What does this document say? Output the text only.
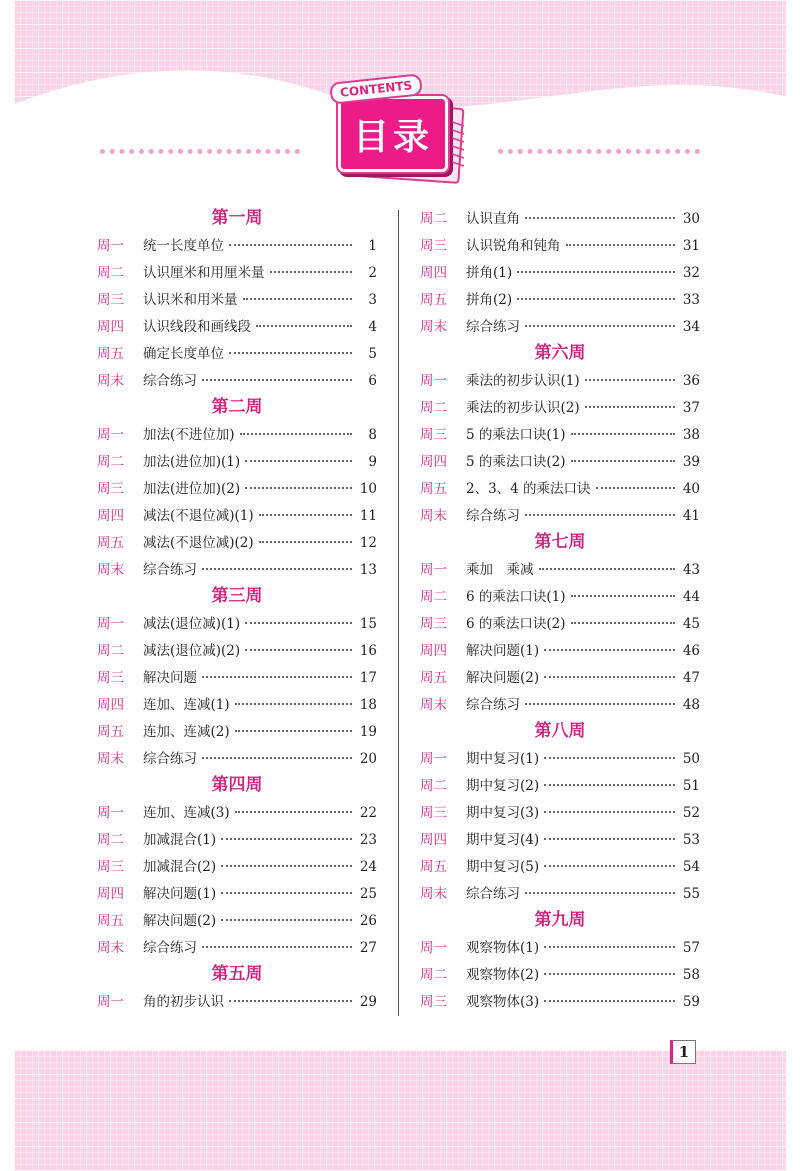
目录
CONTENTS
第一周
周一	统一长度单位	1
周二	认识厘米和用厘米量	2
周三	认识米和用米量	3
周四	认识线段和画线段	4
周五	确定长度单位	5
周末	综合练习	6
第二周
周一	加法(不进位加)	8
周二	加法(进位加)(1)	9
周三	加法(进位加)(2)	10
周四	减法(不退位减)(1)	11
周五	减法(不退位减)(2)	12
周末	综合练习	13
第三周
周一	减法(退位减)(1)	15
周二	减法(退位减)(2)	16
周三	解决问题	17
周四	连加、连减(1)	18
周五	连加、连减(2)	19
周末	综合练习	20
第四周
周一	连加、连减(3)	22
周二	加减混合(1)	23
周三	加减混合(2)	24
周四	解决问题(1)	25
周五	解决问题(2)	26
周末	综合练习	27
第五周
周一	角的初步认识	29
周二	认识直角	30
周三	认识锐角和钝角	31
周四	拼角(1)	32
周五	拼角(2)	33
周末	综合练习	34
第六周
周一	乘法的初步认识(1)	36
周二	乘法的初步认识(2)	37
周三	5 的乘法口诀(1)	38
周四	5 的乘法口诀(2)	39
周五	2、3、4 的乘法口诀	40
周末	综合练习	41
第七周
周一	乘加　乘减	43
周二	6 的乘法口诀(1)	44
周三	6 的乘法口诀(2)	45
周四	解决问题(1)	46
周五	解决问题(2)	47
周末	综合练习	48
第八周
周一	期中复习(1)	50
周二	期中复习(2)	51
周三	期中复习(3)	52
周四	期中复习(4)	53
周五	期中复习(5)	54
周末	综合练习	55
第九周
周一	观察物体(1)	57
周二	观察物体(2)	58
周三	观察物体(3)	59
1
